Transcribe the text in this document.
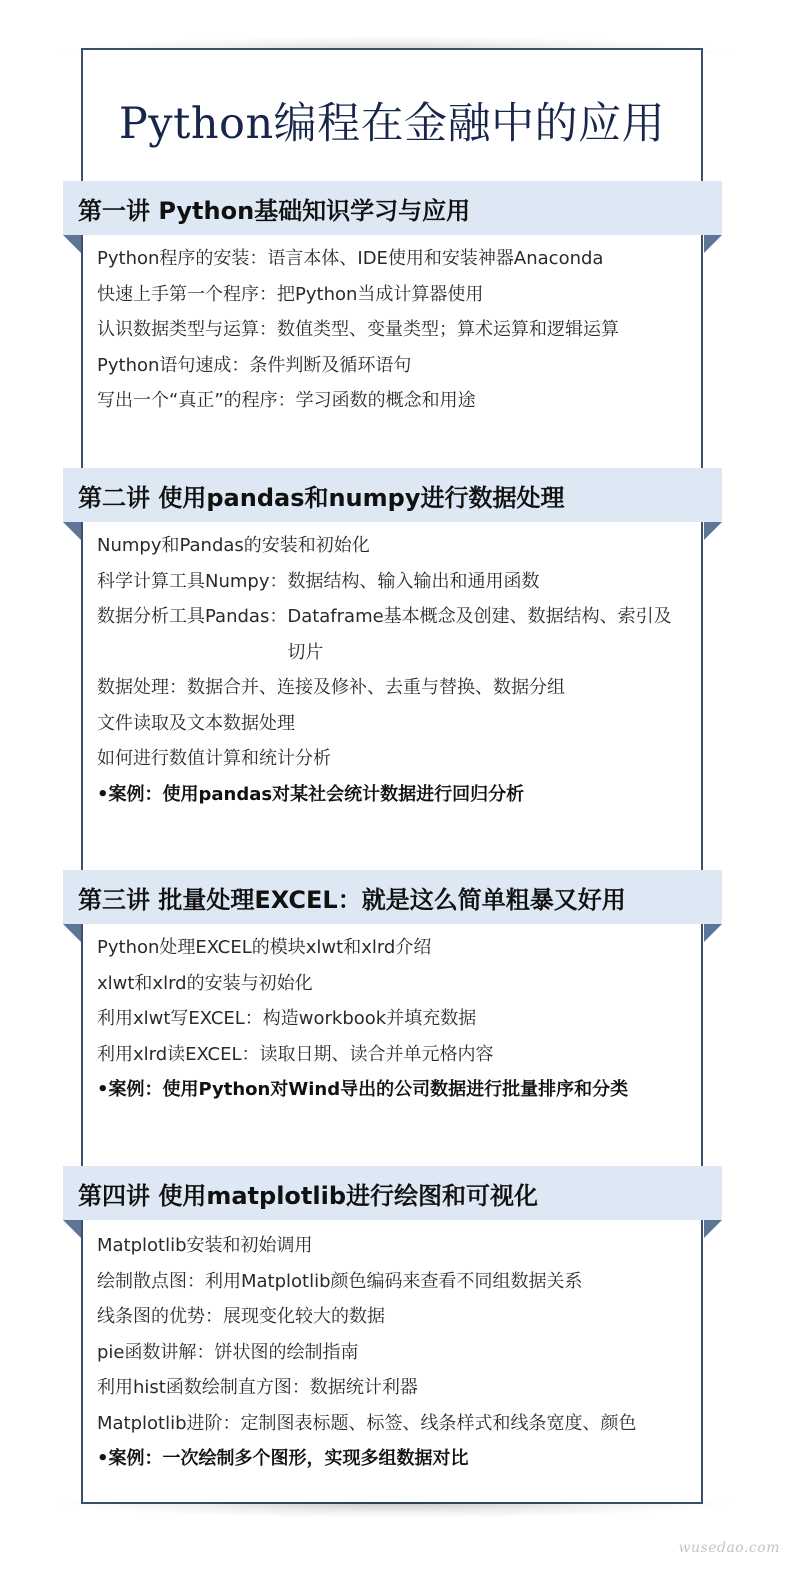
Python编程在金融中的应用
第一讲 Python基础知识学习与应用
Python程序的安装：语言本体、IDE使用和安装神器Anaconda
快速上手第一个程序：把Python当成计算器使用
认识数据类型与运算：数值类型、变量类型；算术运算和逻辑运算
Python语句速成：条件判断及循环语句
写出一个“真正”的程序：学习函数的概念和用途
第二讲 使用pandas和numpy进行数据处理
Numpy和Pandas的安装和初始化
科学计算工具Numpy：数据结构、输入输出和通用函数
数据分析工具Pandas：Dataframe基本概念及创建、数据结构、索引及切片
数据处理：数据合并、连接及修补、去重与替换、数据分组
文件读取及文本数据处理
如何进行数值计算和统计分析
•案例：使用pandas对某社会统计数据进行回归分析
第三讲 批量处理EXCEL：就是这么简单粗暴又好用
Python处理EXCEL的模块xlwt和xlrd介绍
xlwt和xlrd的安装与初始化
利用xlwt写EXCEL：构造workbook并填充数据
利用xlrd读EXCEL：读取日期、读合并单元格内容
•案例：使用Python对Wind导出的公司数据进行批量排序和分类
第四讲 使用matplotlib进行绘图和可视化
Matplotlib安装和初始调用
绘制散点图：利用Matplotlib颜色编码来查看不同组数据关系
线条图的优势：展现变化较大的数据
pie函数讲解：饼状图的绘制指南
利用hist函数绘制直方图：数据统计利器
Matplotlib进阶：定制图表标题、标签、线条样式和线条宽度、颜色
•案例：一次绘制多个图形，实现多组数据对比
wusedao.com
